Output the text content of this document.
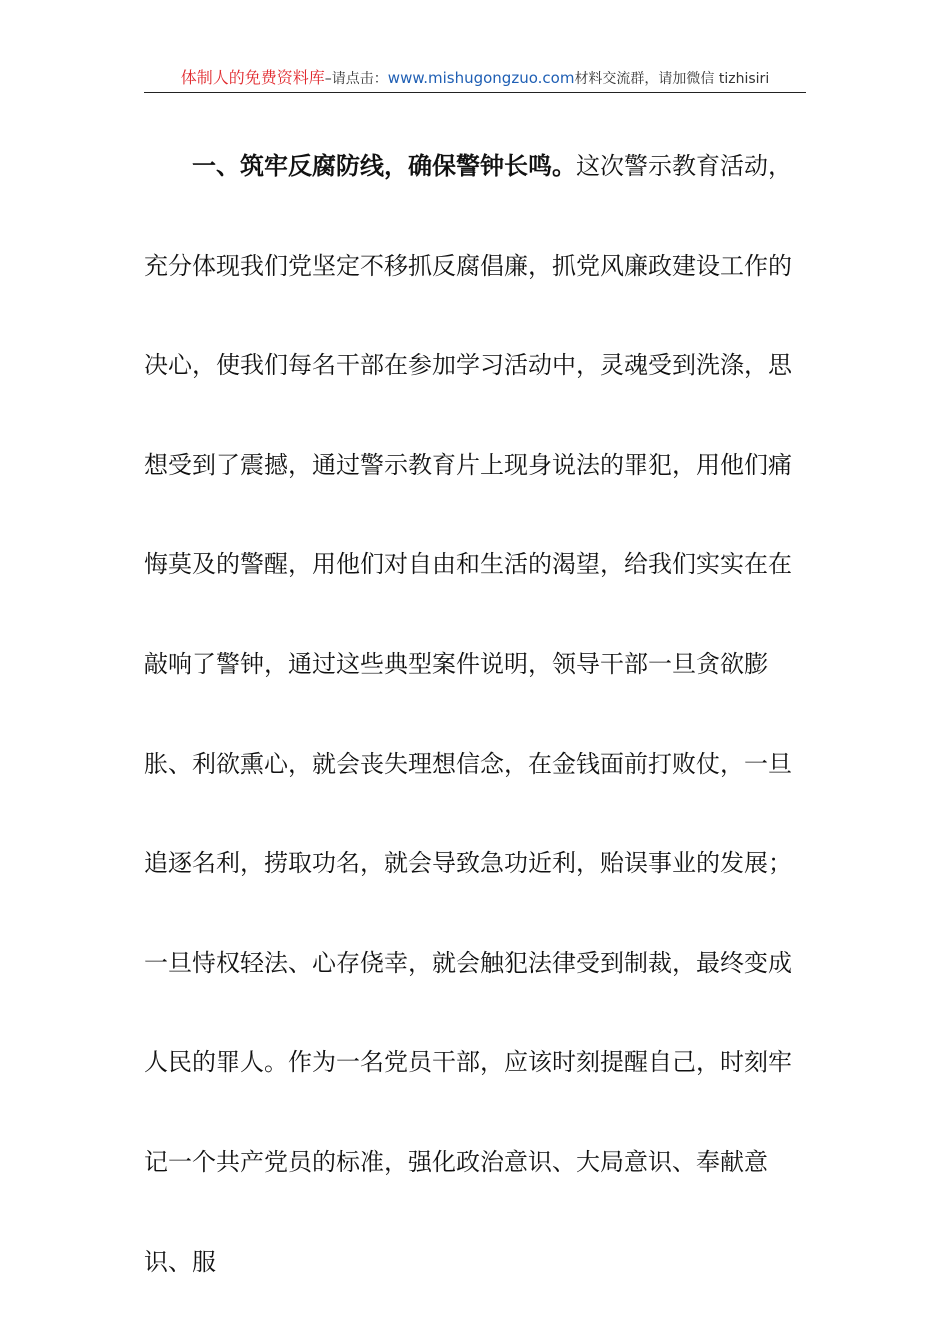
体制人的免费资料库–请点击：www.mishugongzuo.com材料交流群，请加微信 tizhisiri

一、筑牢反腐防线，确保警钟长鸣。这次警示教育活动，充分体现我们党坚定不移抓反腐倡廉，抓党风廉政建设工作的决心，使我们每名干部在参加学习活动中，灵魂受到洗涤，思想受到了震撼，通过警示教育片上现身说法的罪犯，用他们痛悔莫及的警醒，用他们对自由和生活的渴望，给我们实实在在敲响了警钟，通过这些典型案件说明，领导干部一旦贪欲膨胀、利欲熏心，就会丧失理想信念，在金钱面前打败仗，一旦追逐名利，捞取功名，就会导致急功近利，贻误事业的发展；一旦恃权轻法、心存侥幸，就会触犯法律受到制裁，最终变成人民的罪人。作为一名党员干部，应该时刻提醒自己，时刻牢记一个共产党员的标准，强化政治意识、大局意识、奉献意识、服
